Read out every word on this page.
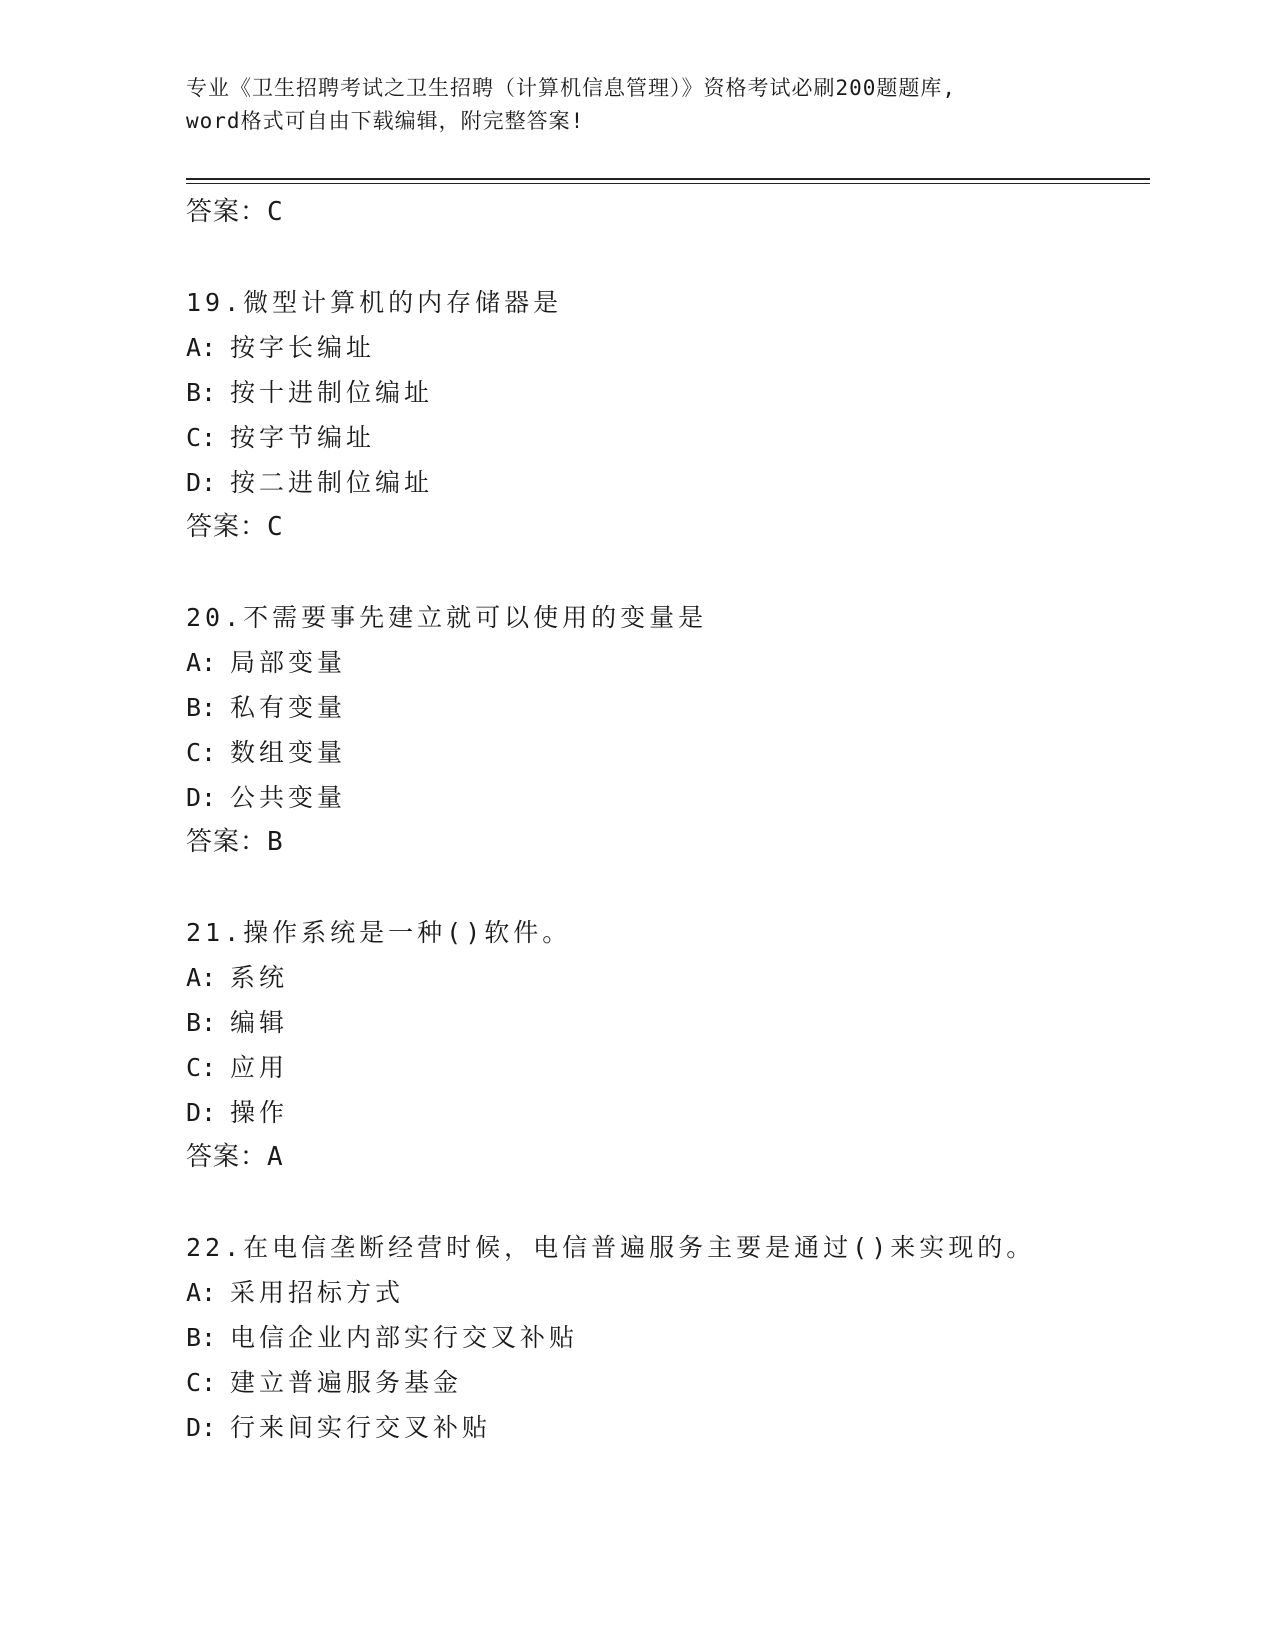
专业《卫生招聘考试之卫生招聘（计算机信息管理）》资格考试必刷200题题库,
word格式可自由下载编辑，附完整答案!

答案：C

19.微型计算机的内存储器是

A: 按字长编址

B: 按十进制位编址

C: 按字节编址

D: 按二进制位编址

答案：C

20.不需要事先建立就可以使用的变量是

A: 局部变量

B: 私有变量

C: 数组变量

D: 公共变量

答案：B

21.操作系统是一种()软件。

A: 系统

B: 编辑

C: 应用

D: 操作

答案：A

22.在电信垄断经营时候，电信普遍服务主要是通过()来实现的。

A: 采用招标方式

B: 电信企业内部实行交叉补贴

C: 建立普遍服务基金

D: 行来间实行交叉补贴
